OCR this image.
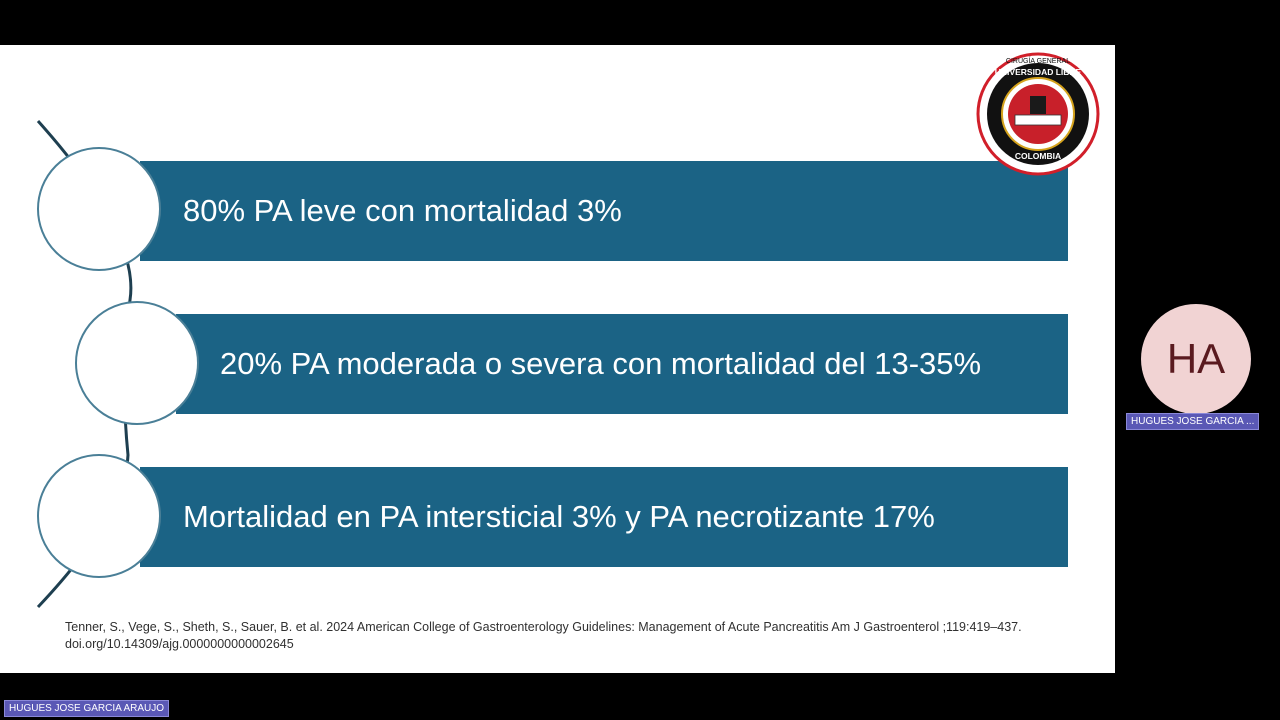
80% PA leve con mortalidad 3%
20% PA moderada o severa con mortalidad del 13-35%
Mortalidad en PA intersticial 3% y PA necrotizante 17%
CIRUGÍA GENERAL
UNIVERSIDAD LIBRE
COLOMBIA
Tenner, S., Vege, S., Sheth, S., Sauer, B. et al. 2024 American College of Gastroenterology Guidelines: Management of Acute Pancreatitis Am J Gastroenterol ;119:419–437.
doi.org/10.14309/ajg.0000000000002645
HA
HUGUES JOSE GARCIA ...
HUGUES JOSE GARCIA ARAUJO
